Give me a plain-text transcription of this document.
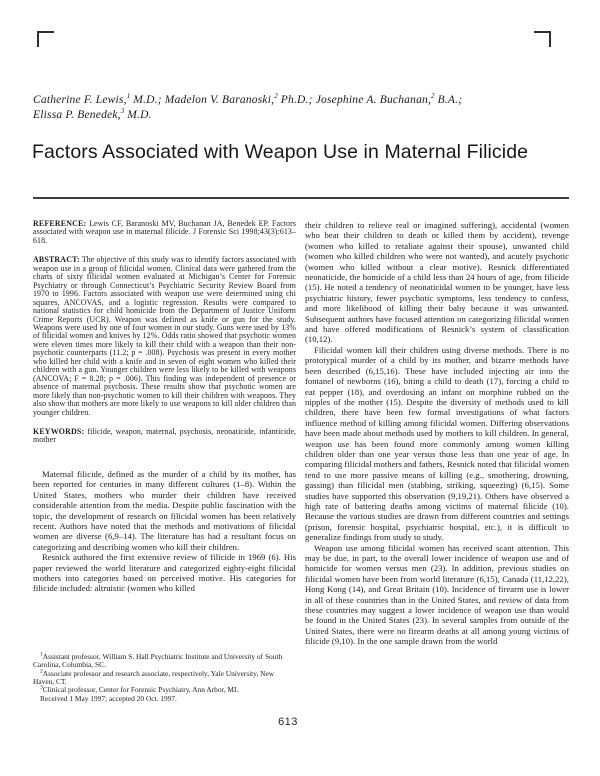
Catherine F. Lewis,$^1$ M.D.; Madelon V. Baranoski,$^2$ Ph.D.; Josephine A. Buchanan,$^2$ B.A.;
Elissa P. Benedek,$^3$ M.D.
Factors Associated with Weapon Use in Maternal Filicide

REFERENCE: Lewis CF, Baranoski MV, Buchanan JA, Benedek EP. Factors associated with weapon use in maternal filicide. J Forensic Sci 1998;43(3):613–618.

ABSTRACT: The objective of this study was to identify factors associated with weapon use in a group of filicidal women. Clinical data were gathered from the charts of sixty filicidal women evaluated at Michigan’s Center for Forensic Psychiatry or through Connecticut’s Psychiatric Security Review Board from 1970 to 1996. Factors associated with weapon use were determined using chi squares, ANCOVAS, and a logistic regression. Results were compared to national statistics for child homicide from the Department of Justice Uniform Crime Reports (UCR). Weapon was defined as knife or gun for the study. Weapons were used by one of four women in our study. Guns were used by 13% of filicidal women and knives by 12%. Odds ratio showed that psychotic women were eleven times more likely to kill their child with a weapon than their non-psychotic counterparts (11.2; p = .008). Psychosis was present in every mother who killed her child with a knife and in seven of eight women who killed their children with a gun. Younger children were less likely to be killed with weapons (ANCOVA; F = 8.28; p = .006). This finding was independent of presence or absence of maternal psychosis. These results show that psychotic women are more likely than non-psychotic women to kill their children with weapons. They also show that mothers are more likely to use weapons to kill older children than younger children.

KEYWORDS: filicide, weapon, maternal, psychosis, neonaticide, infanticide, mother

Maternal filicide, defined as the murder of a child by its mother, has been reported for centuries in many different cultures (1–8). Within the United States, mothers who murder their children have received considerable attention from the media. Despite public fascination with the topic, the development of research on filicidal women has been relatively recent. Authors have noted that the methods and motivations of filicidal women are diverse (6,9–14). The literature has had a resultant focus on categorizing and describing women who kill their children.

Resnick authored the first extensive review of filicide in 1969 (6). His paper reviewed the world literature and categorized eighty-eight filicidal mothers into categories based on perceived motive. His categories for filicide included: altruistic (women who killed

their children to relieve real or imagined suffering), accidental (women who beat their children to death or killed them by accident), revenge (women who killed to retaliate against their spouse), unwanted child (women who killed children who were not wanted), and acutely psychotic (women who killed without a clear motive). Resnick differentiated neonaticide, the homicide of a child less than 24 hours of age, from filicide (15). He noted a tendency of neonaticidal women to be younger, have less psychiatric history, fewer psychotic symptoms, less tendency to confess, and more likelihood of killing their baby because it was unwanted. Subsequent authors have focused attention on categorizing filicidal women and have offered modifications of Resnick’s system of classification (10,12).

Filicidal women kill their children using diverse methods. There is no prototypical murder of a child by its mother, and bizarre methods have been described (6,15,16). These have included injecting air into the fontanel of newborns (16), biting a child to death (17), forcing a child to eat pepper (18), and overdosing an infant on morphine rubbed on the nipples of the mother (15). Despite the diversity of methods used to kill children, there have been few formal investigations of what factors influence method of killing among filicidal women. Differing observations have been made about methods used by mothers to kill children. In general, weapon use has been found more commonly among women killing children older than one year versus those less than one year of age. In comparing filicidal mothers and fathers, Resnick noted that filicidal women tend to use more passive means of killing (e.g., smothering, drowning, gassing) than filicidal men (stabbing, striking, squeezing) (6,15). Some studies have supported this observation (9,19,21). Others have observed a high rate of battering deaths among victims of maternal filicide (10). Because the various studies are drawn from different countries and settings (prison, forensic hospital, psychiatric hospital, etc.), it is difficult to generalize findings from study to study.

Weapon use among filicidal women has received scant attention. This may be due, in part, to the overall lower incidence of weapon use and of homicide for women versus men (23). In addition, previous studies on filicidal women have been from world literature (6,15), Canada (11,12,22), Hong Kong (14), and Great Britain (10). Incidence of firearm use is lower in all of these countries than in the United States, and review of data from these countries may suggest a lower incidence of weapon use than would be found in the United States (23). In several samples from outside of the United States, there were no firearm deaths at all among young victims of filicide (9,10). In the one sample drawn from the world

$^1$Assistant professor, William S. Hall Psychiatric Institute and University of South Carolina, Columbia, SC.

$^2$Associate professor and research associate, respectively, Yale University, New Haven, CT.

$^3$Clinical professor, Center for Forensic Psychiatry, Ann Arbor, MI.

Received 1 May 1997; accepted 20 Oct. 1997.

613
